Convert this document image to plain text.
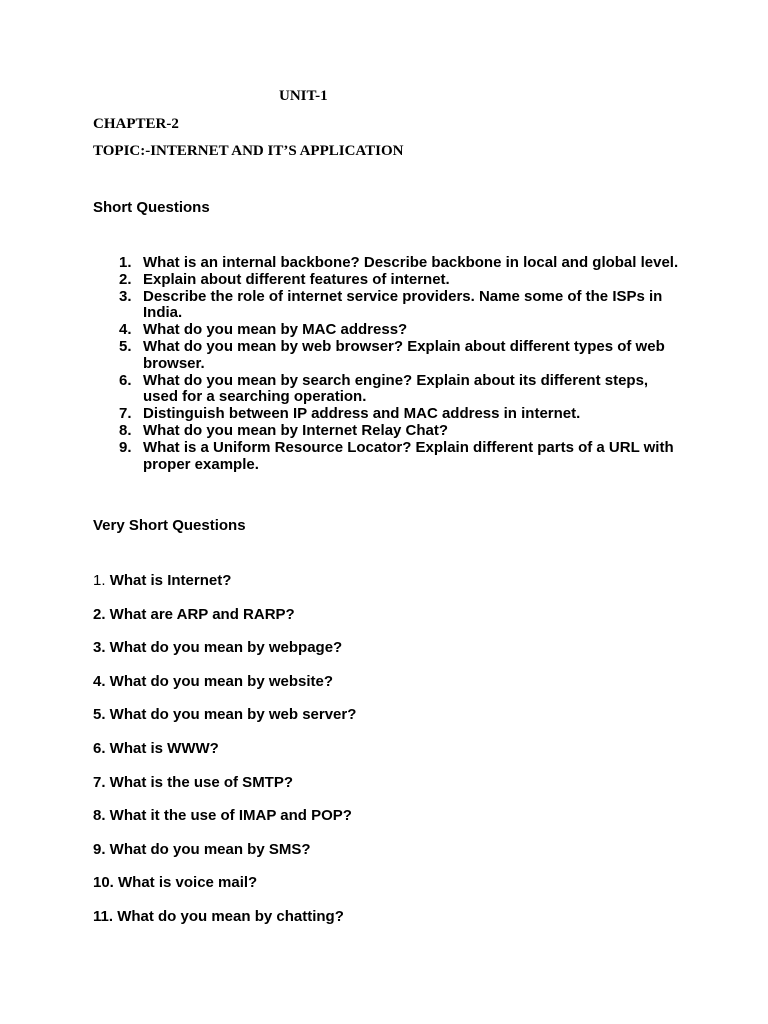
UNIT-1
CHAPTER-2
TOPIC:-INTERNET AND IT’S APPLICATION
Short Questions
1. What is an internal backbone? Describe backbone in local and global level.
2. Explain about different features of internet.
3. Describe the role of internet service providers. Name some of the ISPs in India.
4. What do you mean by MAC address?
5. What do you mean by web browser? Explain about different types of web browser.
6. What do you mean by search engine? Explain about its different steps, used for a searching operation.
7. Distinguish between IP address and MAC address in internet.
8. What do you mean by Internet Relay Chat?
9. What is a Uniform Resource Locator? Explain different parts of a URL with proper example.
Very Short Questions
1. What is Internet?
2. What are ARP and RARP?
3. What do you mean by webpage?
4. What do you mean by website?
5. What do you mean by web server?
6. What is WWW?
7. What is the use of SMTP?
8. What it the use of IMAP and POP?
9. What do you mean by SMS?
10. What is voice mail?
11. What do you mean by chatting?
